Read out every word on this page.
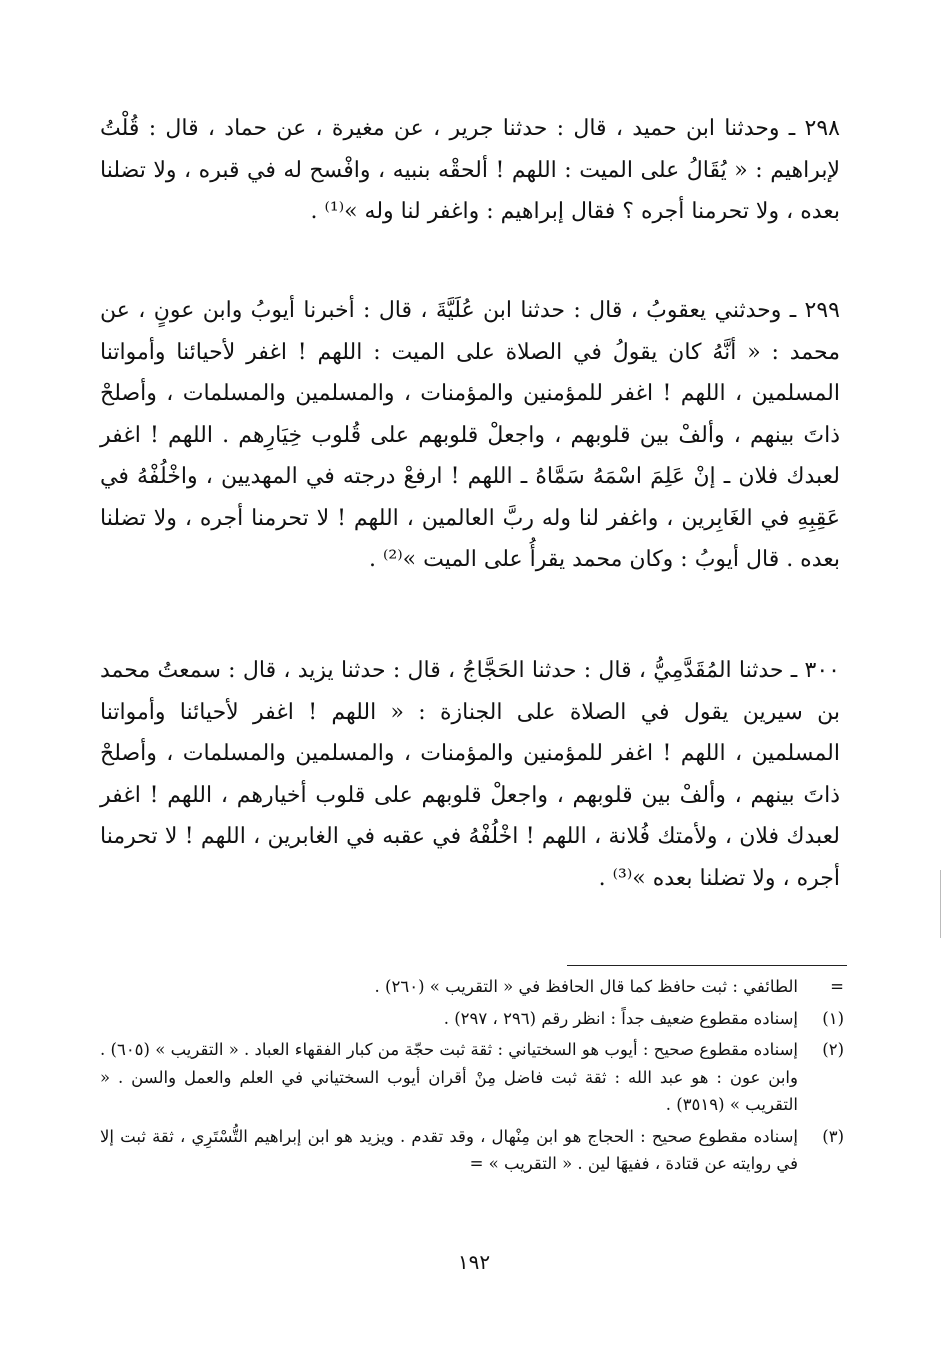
٢٩٨ ـ وحدثنا ابن حميد ، قال : حدثنا جرير ، عن مغيرة ، عن حماد ، قال : قُلْتُ لإبراهيم : « يُقَالُ على الميت : اللهم ! ألحقْه بنبيه ، وافْسح له في قبره ، ولا تضلنا بعده ، ولا تحرمنا أجره ؟ فقال إبراهيم : واغفر لنا وله »⁽¹⁾ .

٢٩٩ ـ وحدثني يعقوبُ ، قال : حدثنا ابن عُلَيَّةَ ، قال : أخبرنا أيوبُ وابن عونٍ ، عن محمد : « أنَّهُ كان يقولُ في الصلاة على الميت : اللهم ! اغفر لأحيائنا وأمواتنا المسلمين ، اللهم ! اغفر للمؤمنين والمؤمنات ، والمسلمين والمسلمات ، وأصلحْ ذاتَ بينهم ، وألفْ بين قلوبهم ، واجعلْ قلوبهم على قُلوب خِيَارِهم . اللهم ! اغفر لعبدك فلان ـ إنْ عَلِمَ اسْمَهُ سَمَّاهُ ـ اللهم ! ارفعْ درجته في المهديين ، واخْلُفْهُ في عَقِبِهِ في الغَابِرين ، واغفر لنا وله ربَّ العالمين ، اللهم ! لا تحرمنا أجره ، ولا تضلنا بعده . قال أيوبُ : وكان محمد يقرأُ على الميت »⁽²⁾ .

٣٠٠ ـ حدثنا المُقَدَّمِيُّ ، قال : حدثنا الحَجَّاجُ ، قال : حدثنا يزيد ، قال : سمعتُ محمد بن سيرين يقول في الصلاة على الجنازة : « اللهم ! اغفر لأحيائنا وأمواتنا المسلمين ، اللهم ! اغفر للمؤمنين والمؤمنات ، والمسلمين والمسلمات ، وأصلحْ ذاتَ بينهم ، وألفْ بين قلوبهم ، واجعلْ قلوبهم على قلوب أخيارهم ، اللهم ! اغفر لعبدك فلان ، ولأمتك فُلانة ، اللهم ! اخْلُفْهُ في عقبه في الغابرين ، اللهم ! لا تحرمنا أجره ، ولا تضلنا بعده »⁽³⁾ .

=
الطائفي : ثبت حافظ كما قال الحافظ في « التقريب » (٢٦٠) .
(١)
إسناده مقطوع ضعيف جداً : انظر رقم (٢٩٦ ، ٢٩٧) .
(٢)
إسناده مقطوع صحيح : أيوب هو السختياني : ثقة ثبت حجّة من كبار الفقهاء العباد . « التقريب » (٦٠٥) . وابن عون : هو عبد الله : ثقة ثبت فاضل مِنْ أقران أيوب السختياني في العلم والعمل والسن . « التقريب » (٣٥١٩) .
(٣)
إسناده مقطوع صحيح : الحجاج هو ابن مِنْهال ، وقد تقدم . ويزيد هو ابن إبراهيم التُّسْتَرِي ، ثقة ثبت إلا في روايته عن قتادة ، ففيهَا لين . « التقريب » =
١٩٢
